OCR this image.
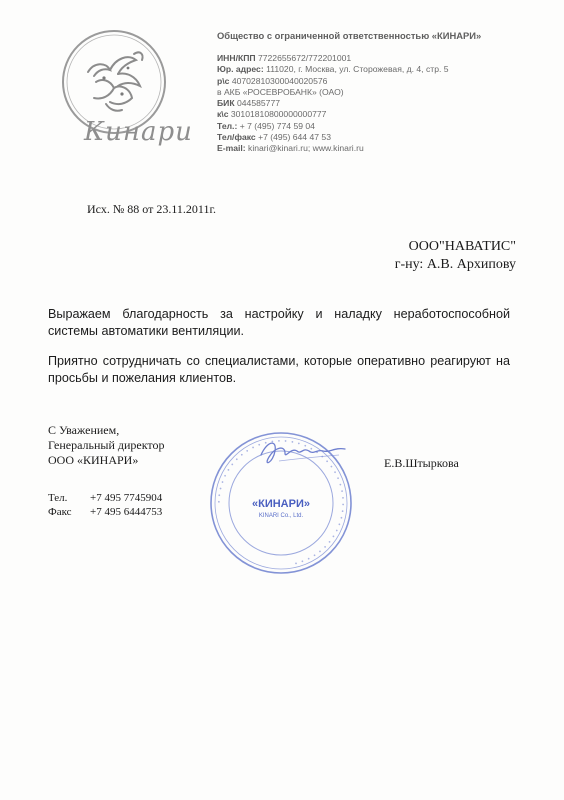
Кинари
Общество с ограниченной ответственностью «КИНАРИ»
ИНН/КПП 7722655672/772201001
Юр. адрес: 111020, г. Москва, ул. Сторожевая, д. 4, стр. 5
р\с 40702810300040020576
в АКБ «РОСЕВРОБАНК» (ОАО)
БИК 044585777
к\с 30101810800000000777
Тел.: + 7 (495) 774 59 04
Тел/факс +7 (495) 644 47 53
E-mail: kinari@kinari.ru; www.kinari.ru
Исх. № 88 от 23.11.2011г.
ООО"НАВАТИС"
г-ну: А.В. Архипову
Выражаем благодарность за настройку и наладку неработоспособной системы автоматики вентиляции.
Приятно сотрудничать со специалистами, которые оперативно реагируют на просьбы и пожелания клиентов.
С Уважением,
Генеральный директор
ООО «КИНАРИ»
• • • • • • • • • • • • • • • • • • • • • • • • • • • • • • • • • • • • • • • • • •
«КИНАРИ»
KINARI Co., Ltd.
Е.В.Штыркова
Тел. +7 495 7745904
Факс +7 495 6444753
